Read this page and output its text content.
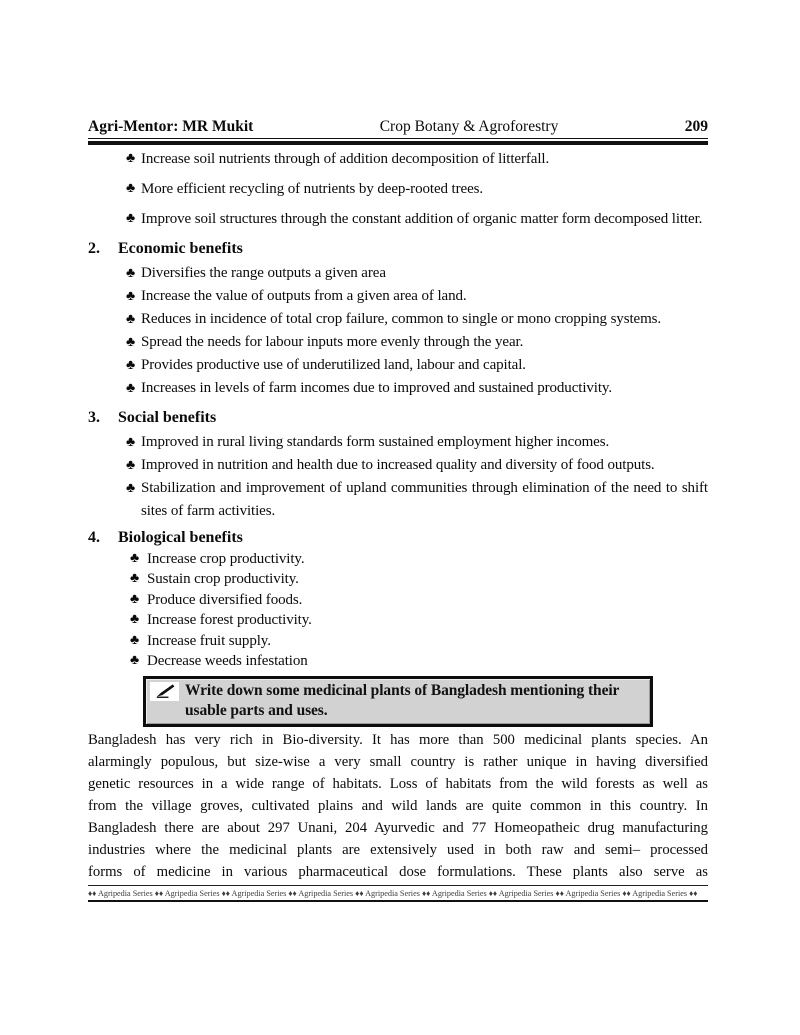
Agri-Mentor: MR Mukit	Crop Botany & Agroforestry	209
♣ Increase soil nutrients through of addition decomposition of litterfall.
♣ More efficient recycling of nutrients by deep-rooted trees.
♣ Improve soil structures through the constant addition of organic matter form decomposed litter.
2. Economic benefits
♣ Diversifies the range outputs a given area
♣ Increase the value of outputs from a given area of land.
♣ Reduces in incidence of total crop failure, common to single or mono cropping systems.
♣ Spread the needs for labour inputs more evenly through the year.
♣ Provides productive use of underutilized land, labour and capital.
♣ Increases in levels of farm incomes due to improved and sustained productivity.
3. Social benefits
♣ Improved in rural living standards form sustained employment higher incomes.
♣ Improved in nutrition and health due to increased quality and diversity of food outputs.
♣ Stabilization and improvement of upland communities through elimination of the need to shift sites of farm activities.
4. Biological benefits
♣ Increase crop productivity.
♣ Sustain crop productivity.
♣ Produce diversified foods.
♣ Increase forest productivity.
♣ Increase fruit supply.
♣ Decrease weeds infestation
Write down some medicinal plants of Bangladesh mentioning their usable parts and uses.
Bangladesh has very rich in Bio-diversity. It has more than 500 medicinal plants species. An
alarmingly populous, but size-wise a very small country is rather unique in having diversified
genetic resources in a wide range of habitats. Loss of habitats from the wild forests as well as
from the village groves, cultivated plains and wild lands are quite common in this country. In
Bangladesh there are about 297 Unani, 204 Ayurvedic and 77 Homeopatheic drug manufacturing
industries where the medicinal plants are extensively used in both raw and semi– processed
forms of medicine in various pharmaceutical dose formulations. These plants also serve as
♦♦ Agripedia Series ♦♦ Agripedia Series ♦♦ Agripedia Series ♦♦ Agripedia Series ♦♦ Agripedia Series ♦♦ Agripedia Series ♦♦ Agripedia Series ♦♦ Agripedia Series ♦♦ Agripedia Series ♦♦
